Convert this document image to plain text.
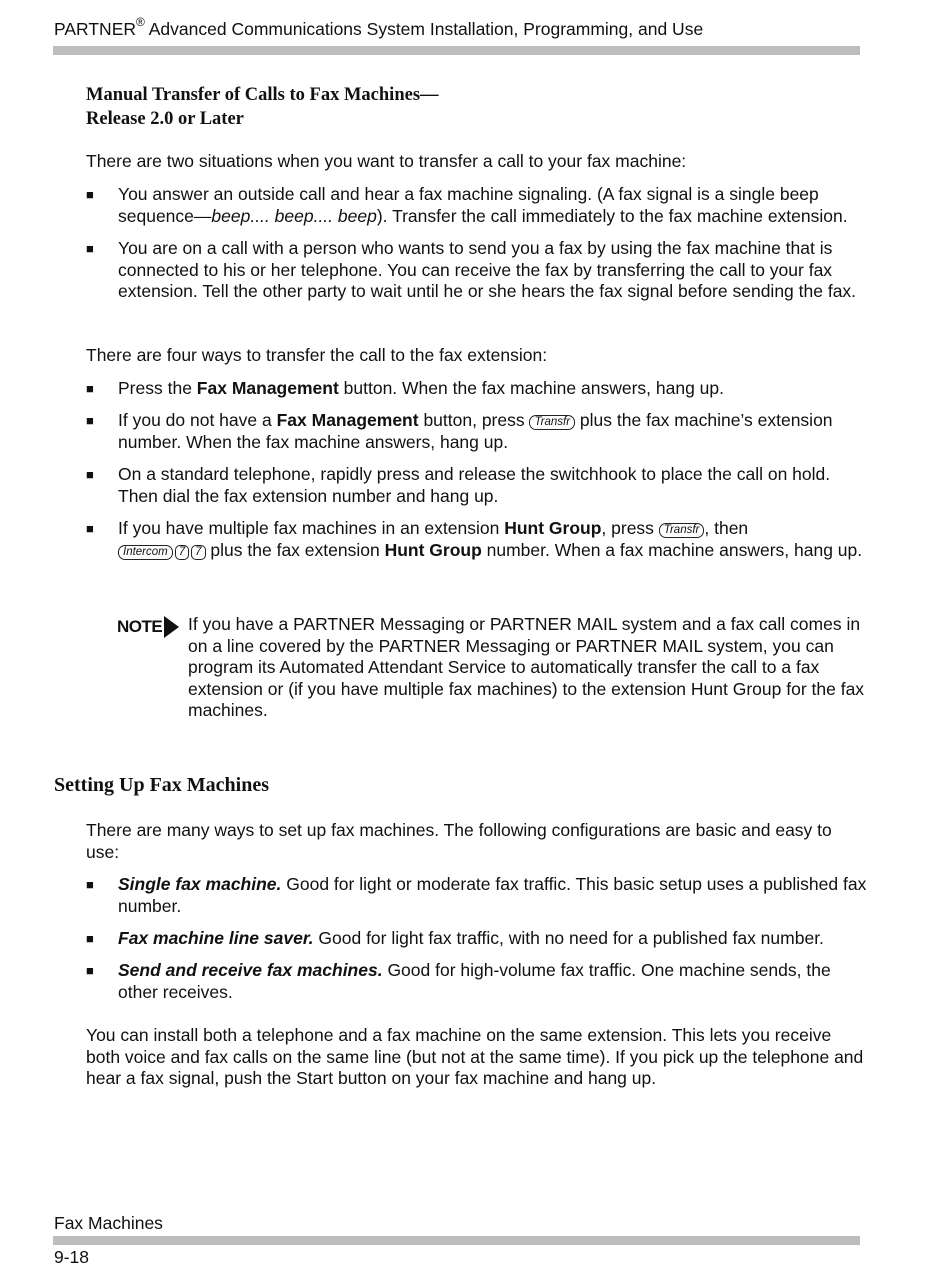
PARTNER® Advanced Communications System Installation, Programming, and Use
Manual Transfer of Calls to Fax Machines—
Release 2.0 or Later
There are two situations when you want to transfer a call to your fax machine:
■	You answer an outside call and hear a fax machine signaling. (A fax signal is a single beep sequence—beep.... beep.... beep). Transfer the call immediately to the fax machine extension.
■	You are on a call with a person who wants to send you a fax by using the fax machine that is connected to his or her telephone. You can receive the fax by transferring the call to your fax extension. Tell the other party to wait until he or she hears the fax signal before sending the fax.
There are four ways to transfer the call to the fax extension:
■	Press the Fax Management button. When the fax machine answers, hang up.
■	If you do not have a Fax Management button, press Transfr plus the fax machine’s extension number. When the fax machine answers, hang up.
■	On a standard telephone, rapidly press and release the switchhook to place the call on hold. Then dial the fax extension number and hang up.
■	If you have multiple fax machines in an extension Hunt Group, press Transfr , then
Intercom 7 7 plus the fax extension Hunt Group number. When a fax machine answers, hang up.
NOTE If you have a PARTNER Messaging or PARTNER MAIL system and a fax call comes in on a line covered by the PARTNER Messaging or PARTNER MAIL system, you can program its Automated Attendant Service to automatically transfer the call to a fax extension or (if you have multiple fax machines) to the extension Hunt Group for the fax machines.
Setting Up Fax Machines
There are many ways to set up fax machines. The following configurations are basic and easy to use:
■	Single fax machine. Good for light or moderate fax traffic. This basic setup uses a published fax number.
■	Fax machine line saver. Good for light fax traffic, with no need for a published fax number.
■	Send and receive fax machines. Good for high-volume fax traffic. One machine sends, the other receives.
You can install both a telephone and a fax machine on the same extension. This lets you receive both voice and fax calls on the same line (but not at the same time). If you pick up the telephone and hear a fax signal, push the Start button on your fax machine and hang up.
Fax Machines
9-18
